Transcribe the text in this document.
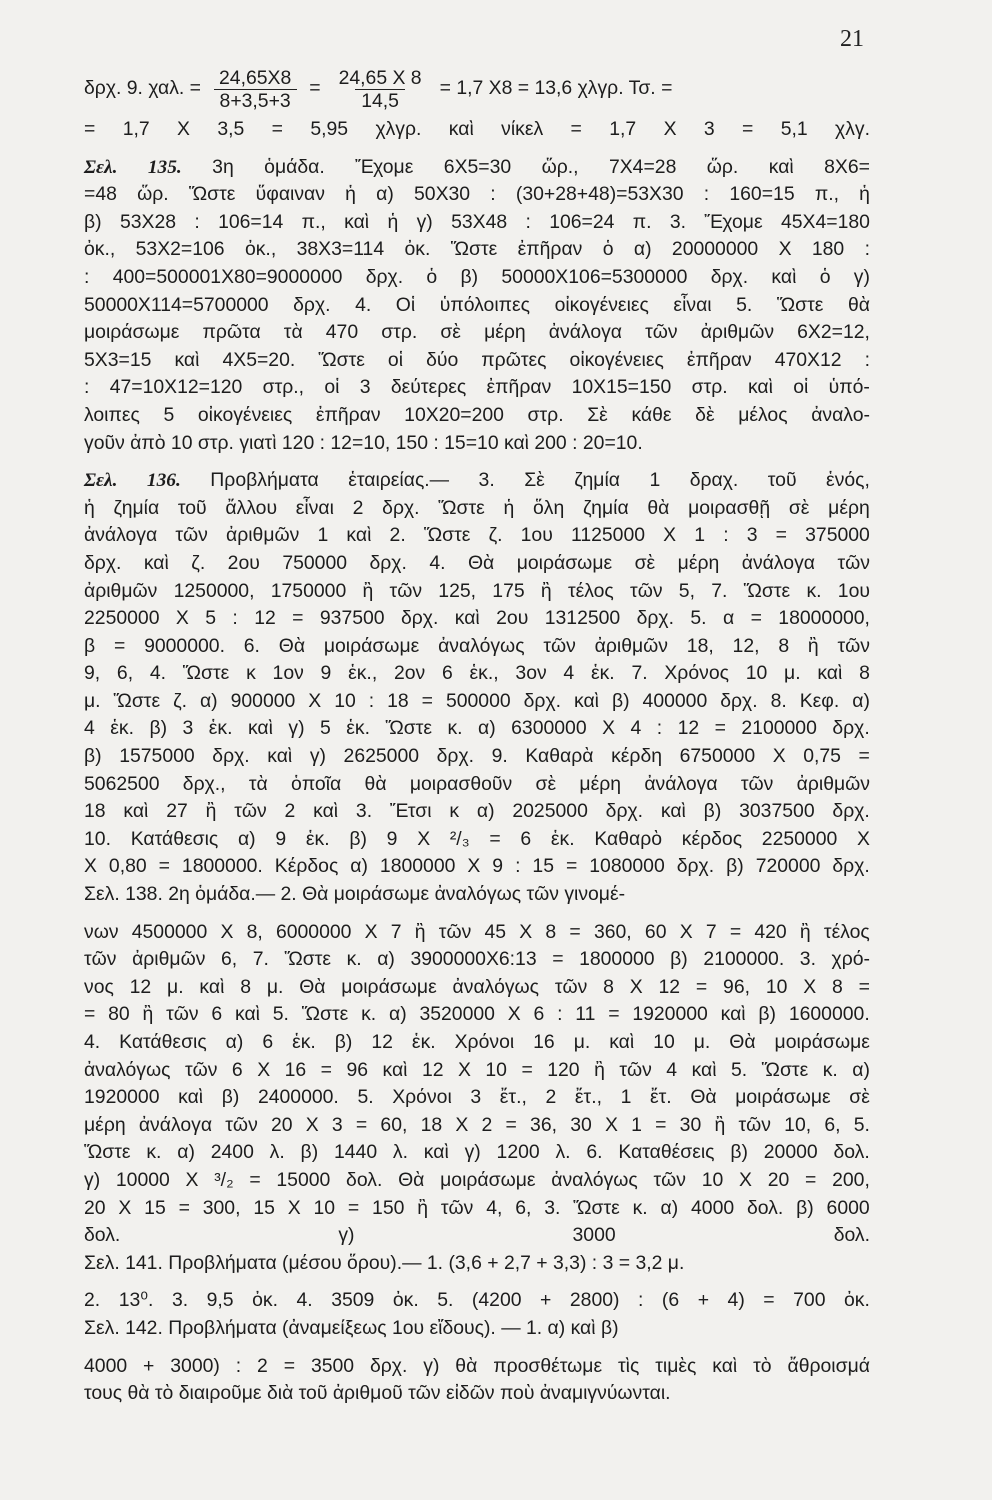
21
δρχ. 9. χαλ. = $\frac{24,65X8}{8+3,5+3} = \frac{24,65 X 8}{14,5} = 1,7$ Χ8 = 13,6 χλγρ. Τσ. =
= 1,7 Χ 3,5 = 5,95 χλγρ. καὶ νίκελ = 1,7 Χ 3 = 5,1 χλγ.
Σελ. 135. 3η ὁμάδα. Ἔχομε 6Χ5=30 ὥρ., 7Χ4=28 ὥρ. καὶ 8Χ6=
=48 ὥρ. Ὥστε ὕφαιναν ἡ α) 50Χ30 : (30+28+48)=53Χ30 : 160=15 π., ἡ
β) 53Χ28 : 106=14 π., καὶ ἡ γ) 53Χ48 : 106=24 π. 3. Ἔχομε 45Χ4=180
ὀκ., 53Χ2=106 ὀκ., 38Χ3=114 ὀκ. Ὥστε ἐπῆραν ὁ α) 20000000 Χ 180 :
: 400=500001Χ80=9000000 δρχ. ὁ β) 50000Χ106=5300000 δρχ. καὶ ὁ γ)
50000Χ114=5700000 δρχ. 4. Οἱ ὑπόλοιπες οἰκογένειες εἶναι 5. Ὥστε θὰ
μοιράσωμε πρῶτα τὰ 470 στρ. σὲ μέρη ἀνάλογα τῶν ἀριθμῶν 6Χ2=12,
5Χ3=15 καὶ 4Χ5=20. Ὥστε οἱ δύο πρῶτες οἰκογένειες ἐπῆραν 470Χ12 :
: 47=10Χ12=120 στρ., οἱ 3 δεύτερες ἐπῆραν 10Χ15=150 στρ. καὶ οἱ ὑπό-
λοιπες 5 οἰκογένειες ἐπῆραν 10Χ20=200 στρ. Σὲ κάθε δὲ μέλος ἀναλο-
γοῦν ἀπὸ 10 στρ. γιατὶ 120 : 12=10, 150 : 15=10 καὶ 200 : 20=10.
Σελ. 136. Προβλήματα ἑταιρείας.— 3. Σὲ ζημία 1 δραχ. τοῦ ἑνός,
ἡ ζημία τοῦ ἄλλου εἶναι 2 δρχ. Ὥστε ἡ ὅλη ζημία θὰ μοιρασθῇ σὲ μέρη
ἀνάλογα τῶν ἀριθμῶν 1 καὶ 2. Ὥστε ζ. 1ου 1125000 Χ 1 : 3 = 375000
δρχ. καὶ ζ. 2ου 750000 δρχ. 4. Θὰ μοιράσωμε σὲ μέρη ἀνάλογα τῶν
ἀριθμῶν 1250000, 1750000 ἢ τῶν 125, 175 ἢ τέλος τῶν 5, 7. Ὥστε κ. 1ου
2250000 Χ 5 : 12 = 937500 δρχ. καὶ 2ου 1312500 δρχ. 5. α = 18000000,
β = 9000000. 6. Θὰ μοιράσωμε ἀναλόγως τῶν ἀριθμῶν 18, 12, 8 ἢ τῶν
9, 6, 4. Ὥστε κ 1ον 9 ἑκ., 2ον 6 ἑκ., 3ον 4 ἑκ. 7. Χρόνος 10 μ. καὶ 8
μ. Ὥστε ζ. α) 900000 Χ 10 : 18 = 500000 δρχ. καὶ β) 400000 δρχ. 8. Κεφ. α)
4 ἑκ. β) 3 ἑκ. καὶ γ) 5 ἑκ. Ὥστε κ. α) 6300000 Χ 4 : 12 = 2100000 δρχ.
β) 1575000 δρχ. καὶ γ) 2625000 δρχ. 9. Καθαρὰ κέρδη 6750000 Χ 0,75 =
5062500 δρχ., τὰ ὁποῖα θὰ μοιρασθοῦν σὲ μέρη ἀνάλογα τῶν ἀριθμῶν
18 καὶ 27 ἢ τῶν 2 καὶ 3. Ἔτσι κ α) 2025000 δρχ. καὶ β) 3037500 δρχ.
10. Κατάθεσις α) 9 ἑκ. β) 9 Χ ²/₃ = 6 ἑκ. Καθαρὸ κέρδος 2250000 Χ
Χ 0,80 = 1800000. Κέρδος α) 1800000 Χ 9 : 15 = 1080000 δρχ. β) 720000 δρχ.
Σελ. 138. 2η ὁμάδα.— 2. Θὰ μοιράσωμε ἀναλόγως τῶν γινομέ-
νων 4500000 Χ 8, 6000000 Χ 7 ἢ τῶν 45 Χ 8 = 360, 60 Χ 7 = 420 ἢ τέλος
τῶν ἀριθμῶν 6, 7. Ὥστε κ. α) 3900000Χ6:13 = 1800000 β) 2100000. 3. χρό-
νος 12 μ. καὶ 8 μ. Θὰ μοιράσωμε ἀναλόγως τῶν 8 Χ 12 = 96, 10 Χ 8 =
= 80 ἢ τῶν 6 καὶ 5. Ὥστε κ. α) 3520000 Χ 6 : 11 = 1920000 καὶ β) 1600000.
4. Κατάθεσις α) 6 ἑκ. β) 12 ἑκ. Χρόνοι 16 μ. καὶ 10 μ. Θὰ μοιράσωμε
ἀναλόγως τῶν 6 Χ 16 = 96 καὶ 12 Χ 10 = 120 ἢ τῶν 4 καὶ 5. Ὥστε κ. α)
1920000 καὶ β) 2400000. 5. Χρόνοι 3 ἔτ., 2 ἔτ., 1 ἔτ. Θὰ μοιράσωμε σὲ
μέρη ἀνάλογα τῶν 20 Χ 3 = 60, 18 Χ 2 = 36, 30 Χ 1 = 30 ἢ τῶν 10, 6, 5.
Ὥστε κ. α) 2400 λ. β) 1440 λ. καὶ γ) 1200 λ. 6. Καταθέσεις β) 20000 δολ.
γ) 10000 Χ ³/₂ = 15000 δολ. Θὰ μοιράσωμε ἀναλόγως τῶν 10 Χ 20 = 200,
20 Χ 15 = 300, 15 Χ 10 = 150 ἢ τῶν 4, 6, 3. Ὥστε κ. α) 4000 δολ. β) 6000
δολ.	γ)	3000	δολ.
Σελ. 141. Προβλήματα (μέσου ὅρου).— 1. (3,6 + 2,7 + 3,3) : 3 = 3,2 μ.
2. 13⁰. 3. 9,5 ὀκ. 4. 3509 ὀκ. 5. (4200 + 2800) : (6 + 4) = 700 ὀκ.
Σελ. 142. Προβλήματα (ἀναμείξεως 1ου εἴδους). — 1. α) καὶ β)
4000 + 3000) : 2 = 3500 δρχ. γ) θὰ προσθέτωμε τὶς τιμὲς καὶ τὸ ἄθροισμά
τους θὰ τὸ διαιροῦμε διὰ τοῦ ἀριθμοῦ τῶν εἰδῶν ποὺ ἀναμιγνύωνται.
